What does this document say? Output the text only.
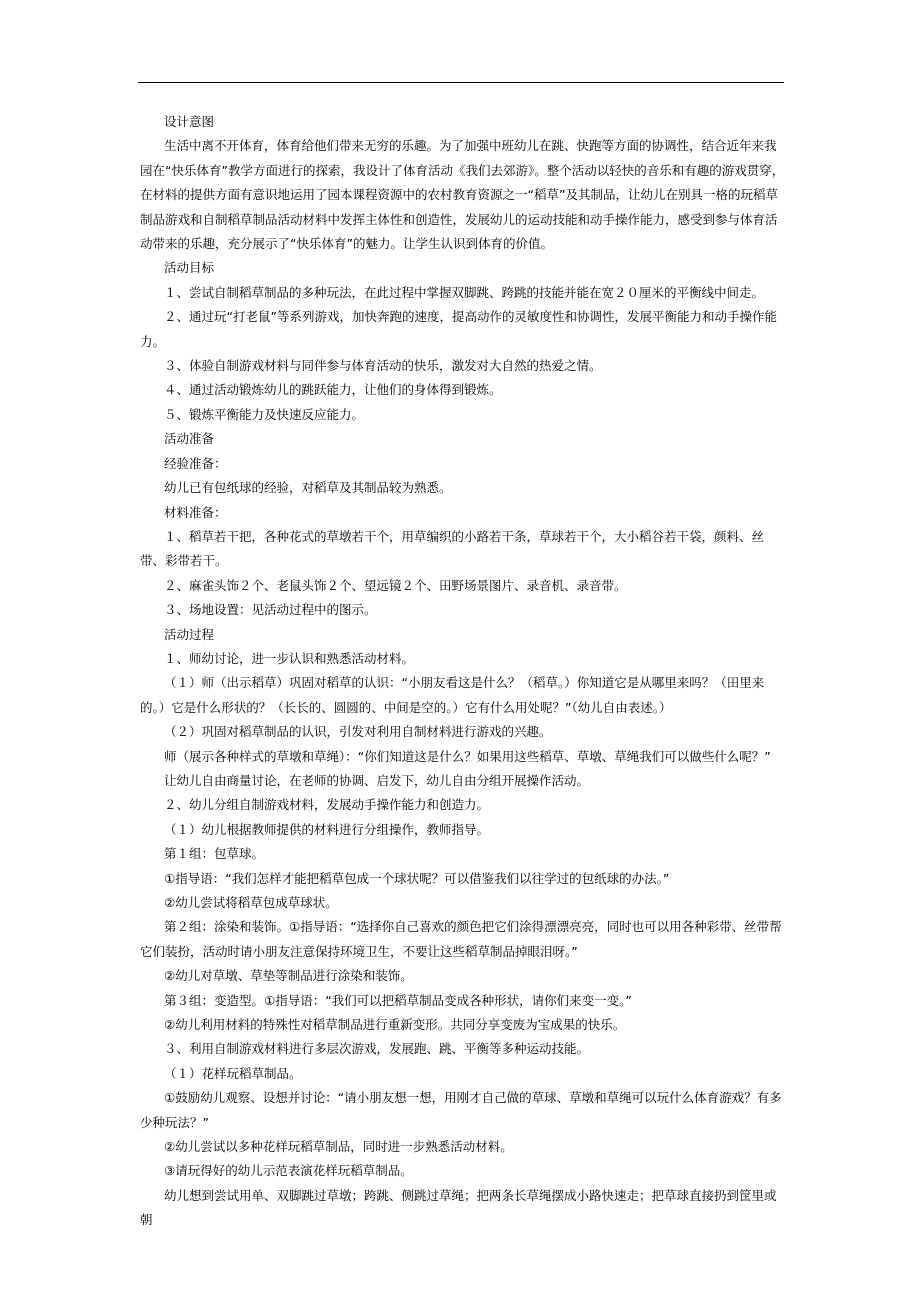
设计意图

生活中离不开体育，体育给他们带来无穷的乐趣。为了加强中班幼儿在跳、快跑等方面的协调性，结合近年来我园在“快乐体育”教学方面进行的探索，我设计了体育活动《我们去郊游》。整个活动以轻快的音乐和有趣的游戏贯穿，在材料的提供方面有意识地运用了园本课程资源中的农村教育资源之一“稻草”及其制品，让幼儿在别具一格的玩稻草制品游戏和自制稻草制品活动材料中发挥主体性和创造性，发展幼儿的运动技能和动手操作能力，感受到参与体育活动带来的乐趣，充分展示了“快乐体育”的魅力。让学生认识到体育的价值。

活动目标

１、尝试自制稻草制品的多种玩法，在此过程中掌握双脚跳、跨跳的技能并能在宽２０厘米的平衡线中间走。

２、通过玩“打老鼠”等系列游戏，加快奔跑的速度，提高动作的灵敏度性和协调性，发展平衡能力和动手操作能力。

３、体验自制游戏材料与同伴参与体育活动的快乐，激发对大自然的热爱之情。

４、通过活动锻炼幼儿的跳跃能力，让他们的身体得到锻炼。

５、锻炼平衡能力及快速反应能力。

活动准备

经验准备：

幼儿已有包纸球的经验，对稻草及其制品较为熟悉。

材料准备：

１、稻草若干把，各种花式的草墩若干个，用草编织的小路若干条，草球若干个，大小稻谷若干袋，颜料、丝带、彩带若干。

２、麻雀头饰２个、老鼠头饰２个、望远镜２个、田野场景图片、录音机、录音带。

３、场地设置：见活动过程中的图示。

活动过程

１、师幼讨论，进一步认识和熟悉活动材料。

（１）师（出示稻草）巩固对稻草的认识：“小朋友看这是什么？（稻草。）你知道它是从哪里来吗？（田里来的。）它是什么形状的？（长长的、圆圆的、中间是空的。）它有什么用处呢？”（幼儿自由表述。）

（２）巩固对稻草制品的认识，引发对利用自制材料进行游戏的兴趣。

师（展示各种样式的草墩和草绳）：“你们知道这是什么？如果用这些稻草、草墩、草绳我们可以做些什么呢？”

让幼儿自由商量讨论，在老师的协调、启发下，幼儿自由分组开展操作活动。

２、幼儿分组自制游戏材料，发展动手操作能力和创造力。

（１）幼儿根据教师提供的材料进行分组操作，教师指导。

第１组：包草球。

①指导语：“我们怎样才能把稻草包成一个球状呢？可以借鉴我们以往学过的包纸球的办法。”

②幼儿尝试将稻草包成草球状。

第２组：涂染和装饰。①指导语：“选择你自己喜欢的颜色把它们涂得漂漂亮亮，同时也可以用各种彩带、丝带帮它们装扮，活动时请小朋友注意保持环境卫生，不要让这些稻草制品掉眼泪呀。”

②幼儿对草墩、草垫等制品进行涂染和装饰。

第３组：变造型。①指导语：“我们可以把稻草制品变成各种形状，请你们来变一变。”

②幼儿利用材料的特殊性对稻草制品进行重新变形。共同分享变废为宝成果的快乐。

３、利用自制游戏材料进行多层次游戏，发展跑、跳、平衡等多种运动技能。

（１）花样玩稻草制品。

①鼓励幼儿观察、设想并讨论：“请小朋友想一想，用刚才自己做的草球、草墩和草绳可以玩什么体育游戏？有多少种玩法？”

②幼儿尝试以多种花样玩稻草制品，同时进一步熟悉活动材料。

③请玩得好的幼儿示范表演花样玩稻草制品。

幼儿想到尝试用单、双脚跳过草墩；跨跳、侧跳过草绳；把两条长草绳摆成小路快速走；把草球直接扔到筐里或朝
